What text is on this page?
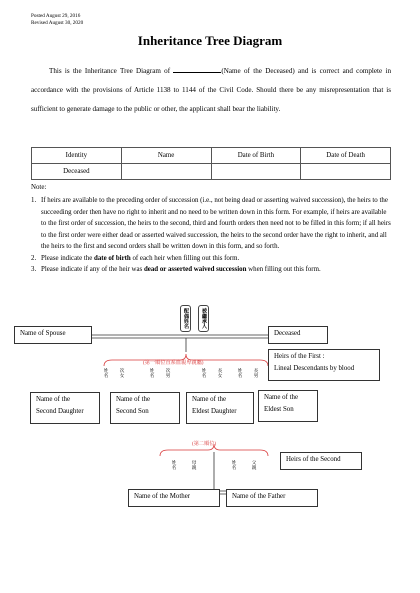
Posted August 29, 2016
Revised August 30, 2020
Inheritance Tree Diagram
This is the Inheritance Tree Diagram of	(Name of the Deceased) and is correct and complete in accordance with the provisions of Article 1138 to 1144 of the Civil Code. Should there be any misrepresentation that is sufficient to generate damage to the public or other, the applicant shall bear the liability.
Identity	Name	Date of Birth	Date of Death
Deceased			
Note:
1. If heirs are available to the preceding order of succession (i.e., not being dead or asserting waived succession), the heirs to the succeeding order then have no right to inherit and no need to be written down in this form. For example, if heirs are available to the first order of succession, the heirs to the second, third and fourth orders then need not to be filled in this form; if all heirs to the first order were either dead or asserted waived succession, the heirs to the second order have the right to inherit, and all the heirs to the first and second orders shall be written down in this form, and so forth.
2. Please indicate the date of birth of each heir when filling out this form.
3. Please indicate if any of the heir was dead or asserted waived succession when filling out this form.
配偶姓名	被繼承人
Name of Spouse	Deceased
(第一順位直系血親卑親屬)
Heirs of the First :
Lineal Descendants by blood
姓名 次女	姓名 次男	姓名 長女	姓名 長男
Name of the
Second Daughter
Name of the
Second Son
Name of the
Eldest Daughter
Name of the
Eldest Son
(第二順位)
Heirs of the Second
姓名	母親	姓名	父親
Name of the Mother	Name of the Father
